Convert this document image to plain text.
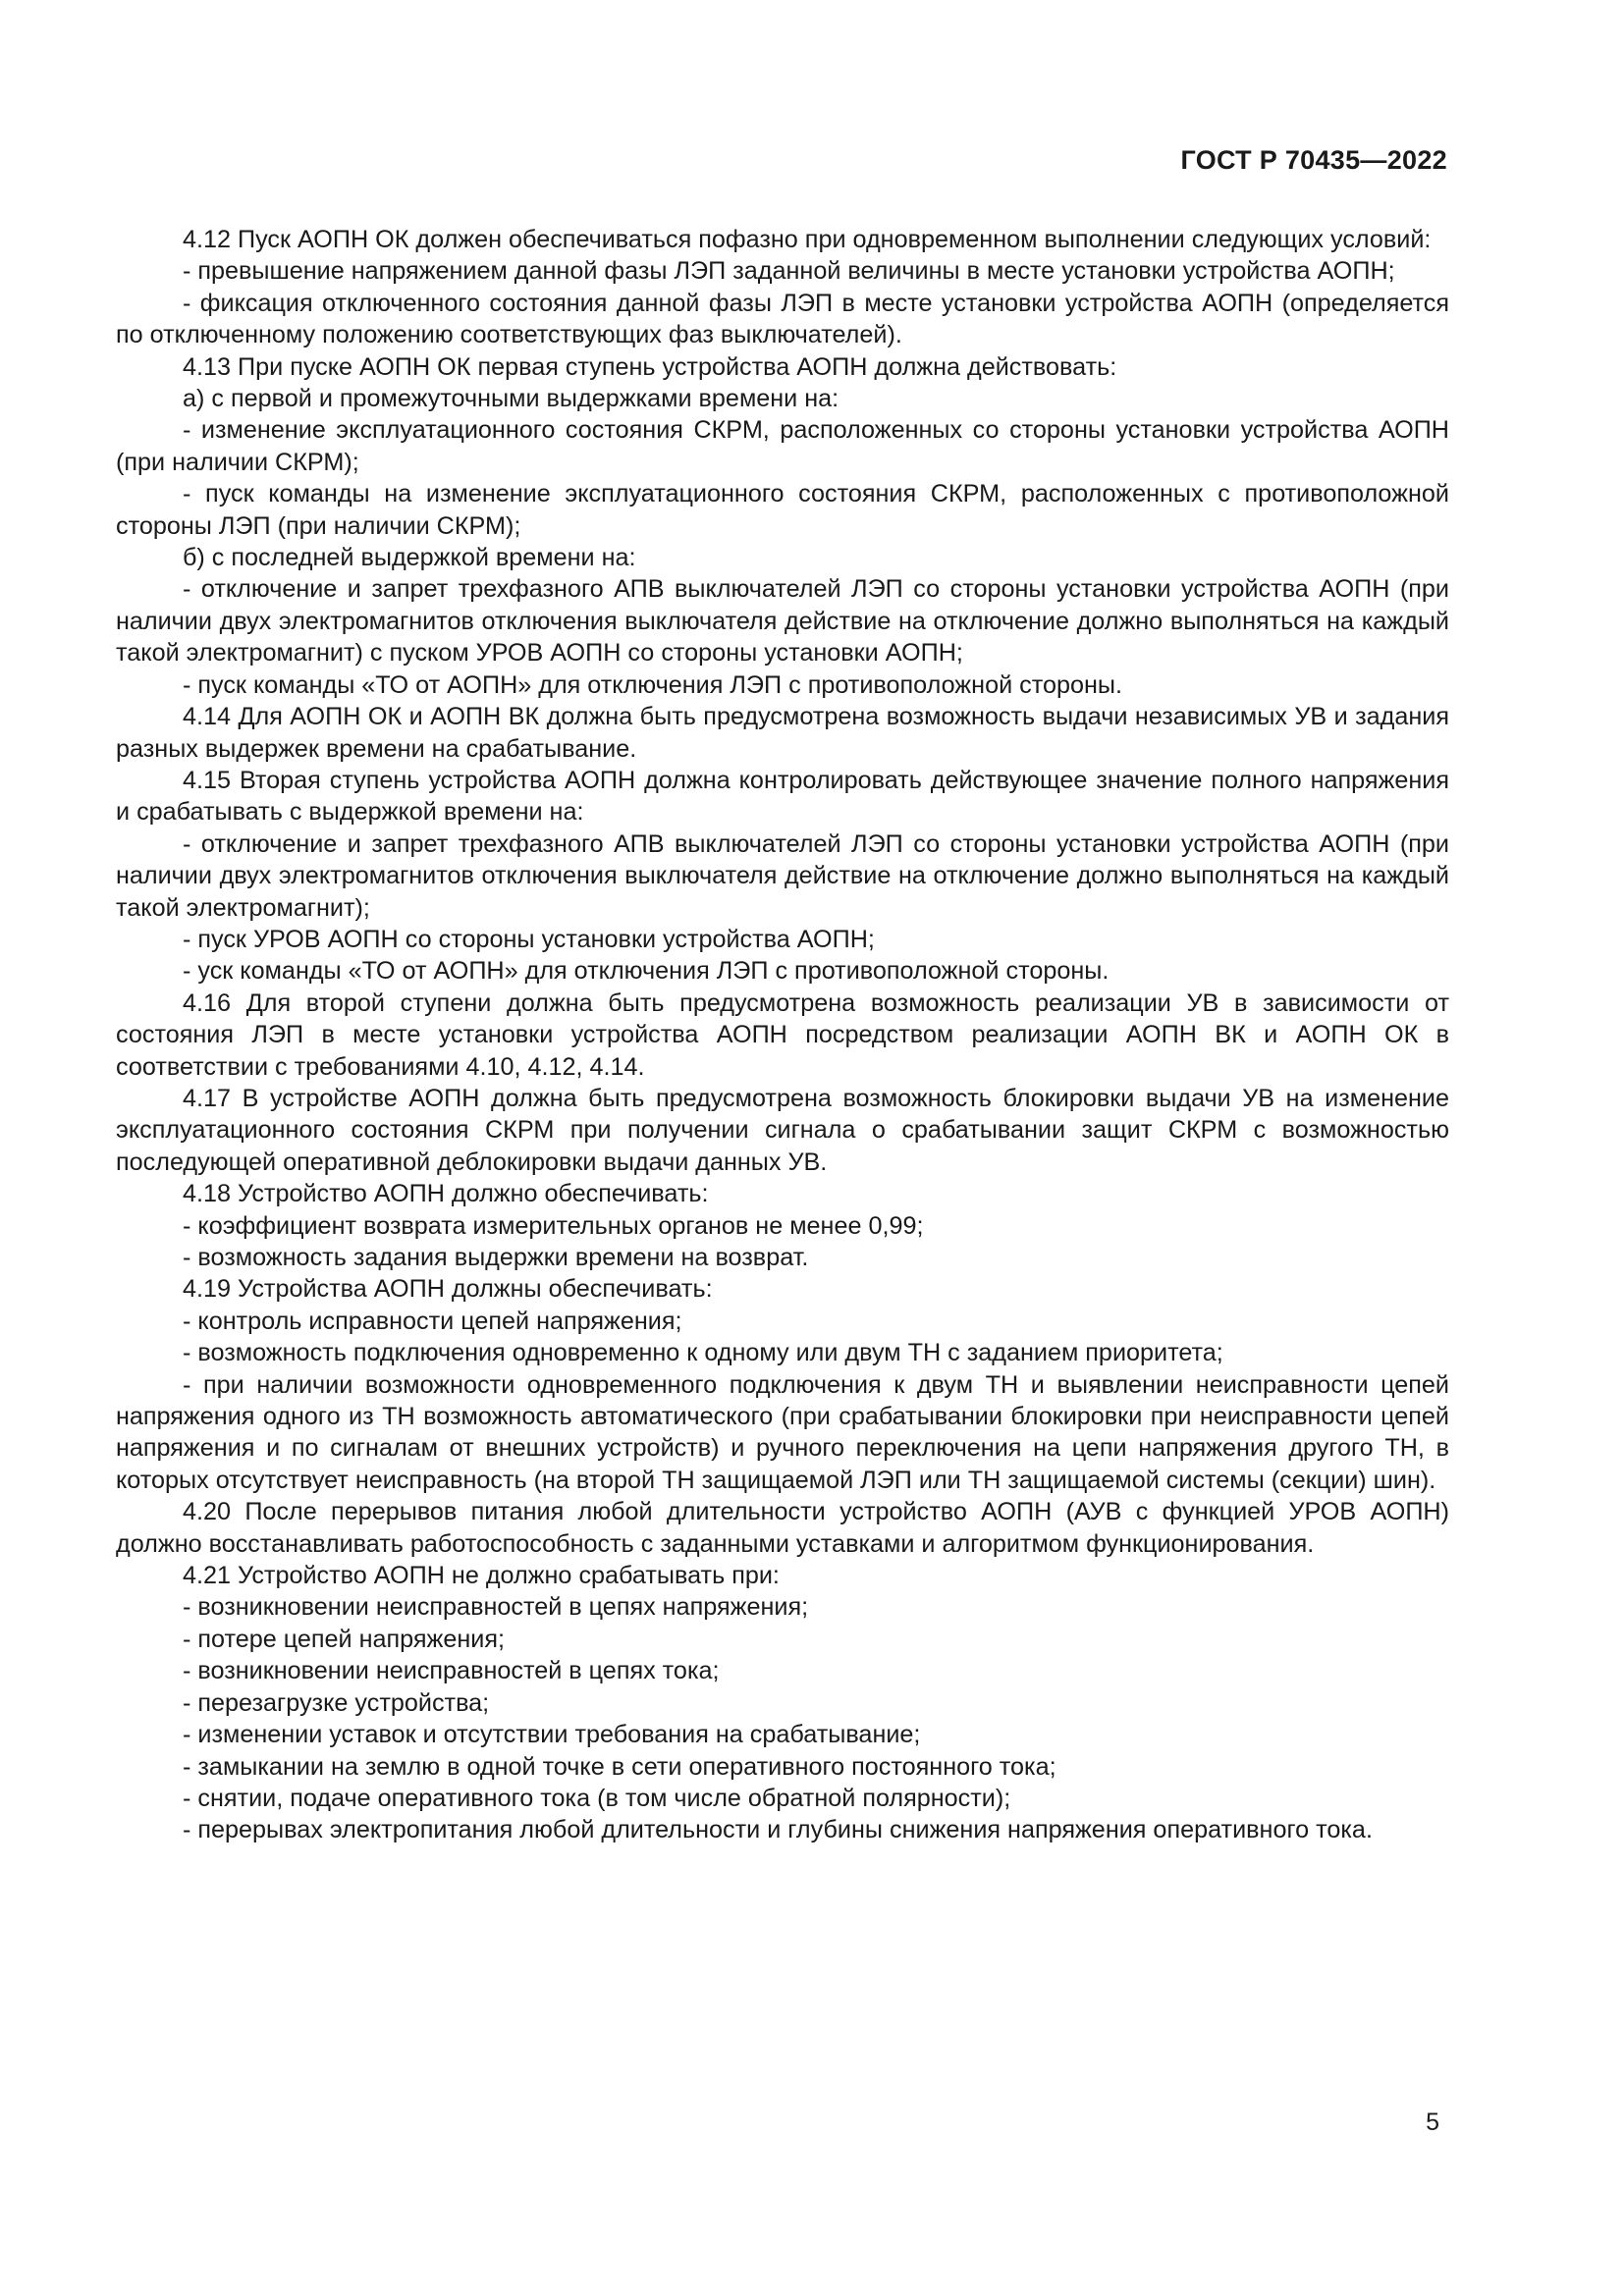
ГОСТ Р 70435—2022

4.12 Пуск АОПН ОК должен обеспечиваться пофазно при одновременном выполнении следующих условий:

- превышение напряжением данной фазы ЛЭП заданной величины в месте установки устройства АОПН;

- фиксация отключенного состояния данной фазы ЛЭП в месте установки устройства АОПН (определяется по отключенному положению соответствующих фаз выключателей).

4.13 При пуске АОПН ОК первая ступень устройства АОПН должна действовать:

а) с первой и промежуточными выдержками времени на:

- изменение эксплуатационного состояния СКРМ, расположенных со стороны установки устройства АОПН (при наличии СКРМ);

- пуск команды на изменение эксплуатационного состояния СКРМ, расположенных с противоположной стороны ЛЭП (при наличии СКРМ);

б) с последней выдержкой времени на:

- отключение и запрет трехфазного АПВ выключателей ЛЭП со стороны установки устройства АОПН (при наличии двух электромагнитов отключения выключателя действие на отключение должно выполняться на каждый такой электромагнит) с пуском УРОВ АОПН со стороны установки АОПН;

- пуск команды «ТО от АОПН» для отключения ЛЭП с противоположной стороны.

4.14 Для АОПН ОК и АОПН ВК должна быть предусмотрена возможность выдачи независимых УВ и задания разных выдержек времени на срабатывание.

4.15 Вторая ступень устройства АОПН должна контролировать действующее значение полного напряжения и срабатывать с выдержкой времени на:

- отключение и запрет трехфазного АПВ выключателей ЛЭП со стороны установки устройства АОПН (при наличии двух электромагнитов отключения выключателя действие на отключение должно выполняться на каждый такой электромагнит);

- пуск УРОВ АОПН со стороны установки устройства АОПН;

- уск команды «ТО от АОПН» для отключения ЛЭП с противоположной стороны.

4.16 Для второй ступени должна быть предусмотрена возможность реализации УВ в зависимости от состояния ЛЭП в месте установки устройства АОПН посредством реализации АОПН ВК и АОПН ОК в соответствии с требованиями 4.10, 4.12, 4.14.

4.17 В устройстве АОПН должна быть предусмотрена возможность блокировки выдачи УВ на изменение эксплуатационного состояния СКРМ при получении сигнала о срабатывании защит СКРМ с возможностью последующей оперативной деблокировки выдачи данных УВ.

4.18 Устройство АОПН должно обеспечивать:

- коэффициент возврата измерительных органов не менее 0,99;

- возможность задания выдержки времени на возврат.

4.19 Устройства АОПН должны обеспечивать:

- контроль исправности цепей напряжения;

- возможность подключения одновременно к одному или двум ТН с заданием приоритета;

- при наличии возможности одновременного подключения к двум ТН и выявлении неисправности цепей напряжения одного из ТН возможность автоматического (при срабатывании блокировки при неисправности цепей напряжения и по сигналам от внешних устройств) и ручного переключения на цепи напряжения другого ТН, в которых отсутствует неисправность (на второй ТН защищаемой ЛЭП или ТН защищаемой системы (секции) шин).

4.20 После перерывов питания любой длительности устройство АОПН (АУВ с функцией УРОВ АОПН) должно восстанавливать работоспособность с заданными уставками и алгоритмом функционирования.

4.21 Устройство АОПН не должно срабатывать при:

- возникновении неисправностей в цепях напряжения;

- потере цепей напряжения;

- возникновении неисправностей в цепях тока;

- перезагрузке устройства;

- изменении уставок и отсутствии требования на срабатывание;

- замыкании на землю в одной точке в сети оперативного постоянного тока;

- снятии, подаче оперативного тока (в том числе обратной полярности);

- перерывах электропитания любой длительности и глубины снижения напряжения оперативного тока.

5
